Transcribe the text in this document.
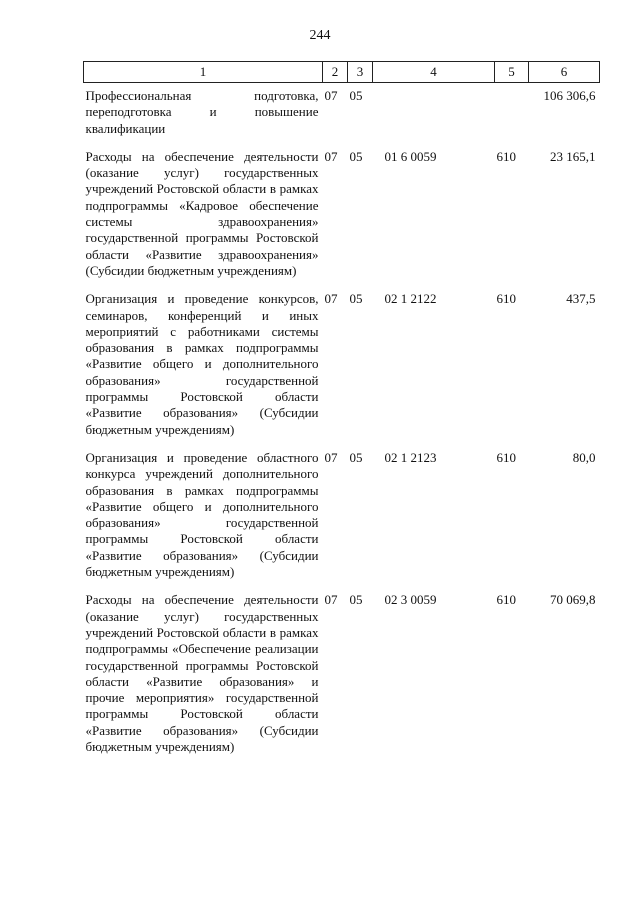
244
1	2	3	4	5	6
Профессиональная подготовка, переподготовка и повышение квалификации	07	05			106 306,6
Расходы на обеспечение деятельности (оказание услуг) государственных учреждений Ростовской области в рамках подпрограммы «Кадровое обеспечение системы здравоохранения» государственной программы Ростовской области «Развитие здравоохранения» (Субсидии бюджетным учреждениям)	07	05	01 6 0059	610	23 165,1
Организация и проведение конкурсов, семинаров, конференций и иных мероприятий с работниками системы образования в рамках подпрограммы «Развитие общего и дополнительного образования» государственной программы Ростовской области «Развитие образования» (Субсидии бюджетным учреждениям)	07	05	02 1 2122	610	437,5
Организация и проведение областного конкурса учреждений дополнительного образования в рамках подпрограммы «Развитие общего и дополнительного образования» государственной программы Ростовской области «Развитие образования» (Субсидии бюджетным учреждениям)	07	05	02 1 2123	610	80,0
Расходы на обеспечение деятельности (оказание услуг) государственных учреждений Ростовской области в рамках подпрограммы «Обеспечение реализации государственной программы Ростовской области «Развитие образования» и прочие мероприятия» государственной программы Ростовской области «Развитие образования» (Субсидии бюджетным учреждениям)	07	05	02 3 0059	610	70 069,8
